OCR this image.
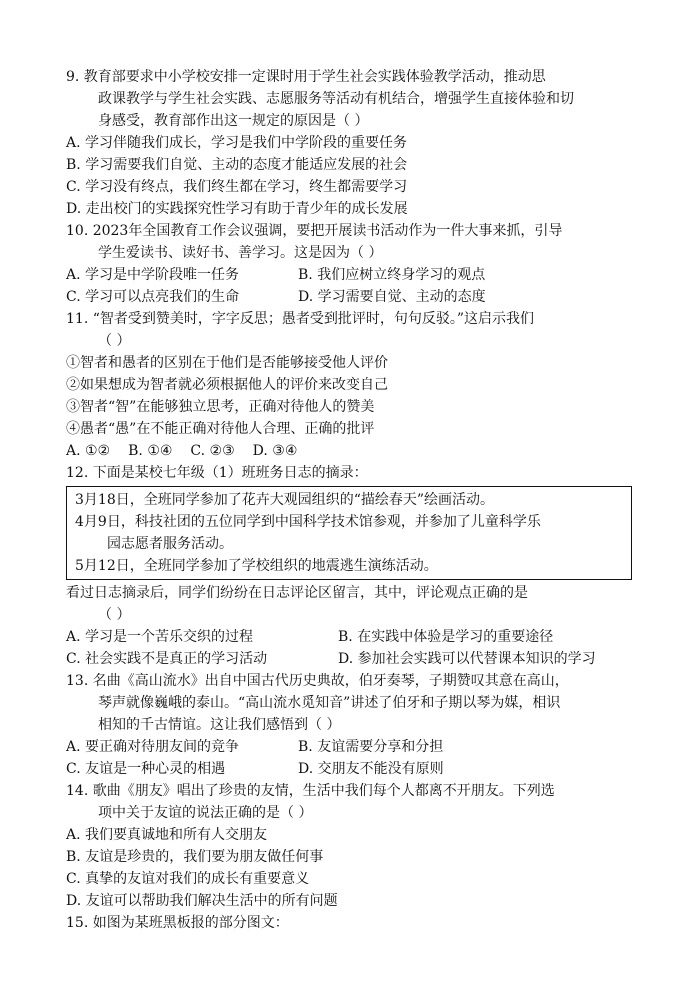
9. 教育部要求中小学校安排一定课时用于学生社会实践体验教学活动，推动思
政课教学与学生社会实践、志愿服务等活动有机结合，增强学生直接体验和切
身感受，教育部作出这一规定的原因是（ ）
A. 学习伴随我们成长，学习是我们中学阶段的重要任务
B. 学习需要我们自觉、主动的态度才能适应发展的社会
C. 学习没有终点，我们终生都在学习，终生都需要学习
D. 走出校门的实践探究性学习有助于青少年的成长发展
10. 2023年全国教育工作会议强调，要把开展读书活动作为一件大事来抓，引导
学生爱读书、读好书、善学习。这是因为（ ）
A. 学习是中学阶段唯一任务	B. 我们应树立终身学习的观点
C. 学习可以点亮我们的生命	D. 学习需要自觉、主动的态度
11. “智者受到赞美时，字字反思；愚者受到批评时，句句反驳。”这启示我们
（ ）
①智者和愚者的区别在于他们是否能够接受他人评价
②如果想成为智者就必须根据他人的评价来改变自己
③智者“智”在能够独立思考，正确对待他人的赞美
④愚者“愚”在不能正确对待他人合理、正确的批评
A. ①② B. ①④ C. ②③ D. ③④
12. 下面是某校七年级（1）班班务日志的摘录：
3月18日，全班同学参加了花卉大观园组织的“描绘春天”绘画活动。
4月9日，科技社团的五位同学到中国科学技术馆参观，并参加了儿童科学乐
园志愿者服务活动。
5月12日，全班同学参加了学校组织的地震逃生演练活动。
看过日志摘录后，同学们纷纷在日志评论区留言，其中，评论观点正确的是
（ ）
A. 学习是一个苦乐交织的过程	B. 在实践中体验是学习的重要途径
C. 社会实践不是真正的学习活动	D. 参加社会实践可以代替课本知识的学习
13. 名曲《高山流水》出自中国古代历史典故，伯牙奏琴，子期赞叹其意在高山，
琴声就像巍峨的泰山。“高山流水觅知音”讲述了伯牙和子期以琴为媒，相识
相知的千古情谊。这让我们感悟到（ ）
A. 要正确对待朋友间的竞争	B. 友谊需要分享和分担
C. 友谊是一种心灵的相遇	D. 交朋友不能没有原则
14. 歌曲《朋友》唱出了珍贵的友情，生活中我们每个人都离不开朋友。下列选
项中关于友谊的说法正确的是（ ）
A. 我们要真诚地和所有人交朋友
B. 友谊是珍贵的，我们要为朋友做任何事
C. 真挚的友谊对我们的成长有重要意义
D. 友谊可以帮助我们解决生活中的所有问题
15. 如图为某班黑板报的部分图文：
